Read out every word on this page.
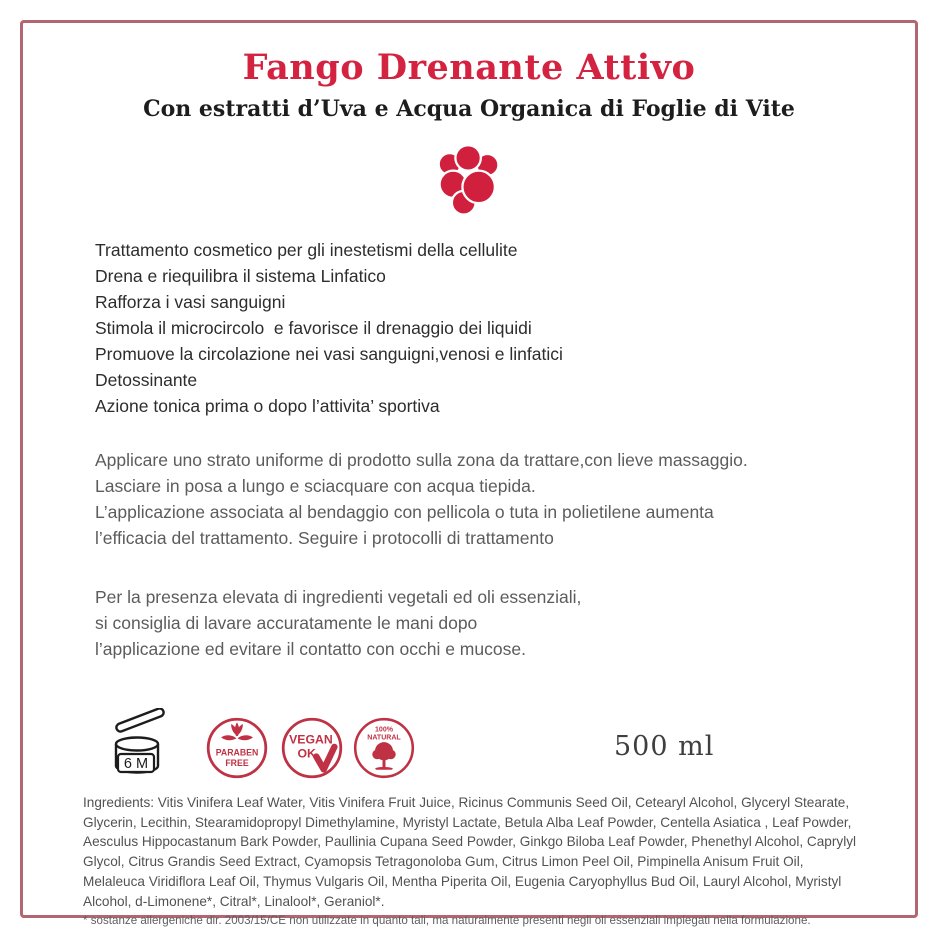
Fango Drenante Attivo
Con estratti d’Uva e Acqua Organica di Foglie di Vite
Trattamento cosmetico per gli inestetismi della cellulite
Drena e riequilibra il sistema Linfatico
Rafforza i vasi sanguigni
Stimola il microcircolo  e favorisce il drenaggio dei liquidi
Promuove la circolazione nei vasi sanguigni,venosi e linfatici
Detossinante
Azione tonica prima o dopo l’attivita’ sportiva
Applicare uno strato uniforme di prodotto sulla zona da trattare,con lieve massaggio.
Lasciare in posa a lungo e sciacquare con acqua tiepida.
L’applicazione associata al bendaggio con pellicola o tuta in polietilene aumenta
l’efficacia del trattamento. Seguire i protocolli di trattamento
Per la presenza elevata di ingredienti vegetali ed oli essenziali,
si consiglia di lavare accuratamente le mani dopo
l’applicazione ed evitare il contatto con occhi e mucose.
6 M
PARABEN
FREE
VEGAN
OK
100%
NATURAL	500 ml

Ingredients: Vitis Vinifera Leaf Water, Vitis Vinifera Fruit Juice, Ricinus Communis Seed Oil, Cetearyl Alcohol, Glyceryl Stearate, Glycerin, Lecithin, Stearamidopropyl Dimethylamine, Myristyl Lactate, Betula Alba Leaf Powder, Centella Asiatica , Leaf Powder, Aesculus Hippocastanum Bark Powder, Paullinia Cupana Seed Powder, Ginkgo Biloba Leaf Powder, Phenethyl Alcohol, Caprylyl Glycol, Citrus Grandis Seed Extract, Cyamopsis Tetragonoloba Gum, Citrus Limon Peel Oil, Pimpinella Anisum Fruit Oil, Melaleuca Viridiflora Leaf Oil, Thymus Vulgaris Oil, Mentha Piperita Oil, Eugenia Caryophyllus Bud Oil, Lauryl Alcohol, Myristyl Alcohol, d-Limonene*, Citral*, Linalool*, Geraniol*.

* sostanze allergeniche dir. 2003/15/CE non utilizzate in quanto tali, ma naturalmente presenti negli oli essenziali impiegati nella formulazione.
